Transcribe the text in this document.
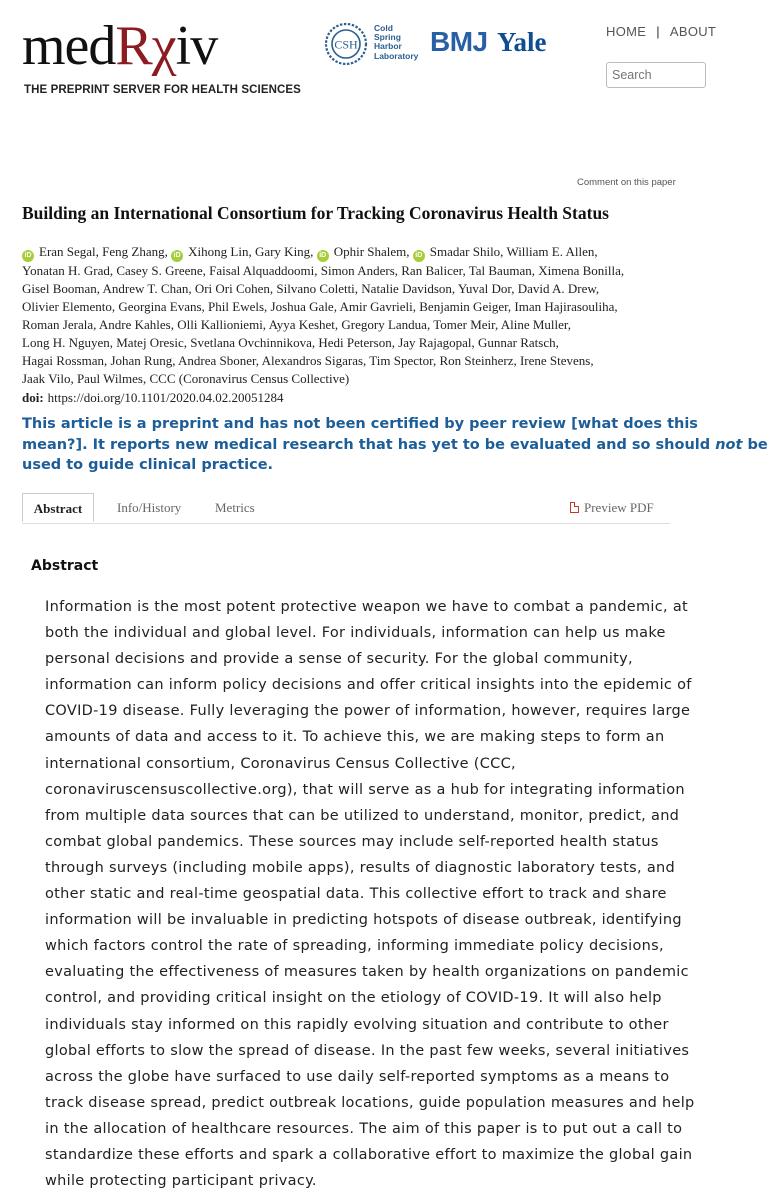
medRχiv
THE PREPRINT SERVER FOR HEALTH SCIENCES
CSH
Cold
Spring
Harbor
Laboratory BMJ Yale	HOME | ABOUT
Search
Comment on this paper
Building an International Consortium for Tracking Coronavirus Health Status
iD Eran Segal, Feng Zhang, iD Xihong Lin, Gary King, iD Ophir Shalem, iD Smadar Shilo, William E. Allen,
Yonatan H. Grad, Casey S. Greene, Faisal Alquaddoomi, Simon Anders, Ran Balicer, Tal Bauman, Ximena Bonilla,
Gisel Booman, Andrew T. Chan, Ori Ori Cohen, Silvano Coletti, Natalie Davidson, Yuval Dor, David A. Drew,
Olivier Elemento, Georgina Evans, Phil Ewels, Joshua Gale, Amir Gavrieli, Benjamin Geiger, Iman Hajirasouliha,
Roman Jerala, Andre Kahles, Olli Kallioniemi, Ayya Keshet, Gregory Landua, Tomer Meir, Aline Muller,
Long H. Nguyen, Matej Oresic, Svetlana Ovchinnikova, Hedi Peterson, Jay Rajagopal, Gunnar Ratsch,
Hagai Rossman, Johan Rung, Andrea Sboner, Alexandros Sigaras, Tim Spector, Ron Steinherz, Irene Stevens,
Jaak Vilo, Paul Wilmes, CCC (Coronavirus Census Collective)
doi: https://doi.org/10.1101/2020.04.02.20051284
This article is a preprint and has not been certified by peer review [what does this
mean?]. It reports new medical research that has yet to be evaluated and so should not be
used to guide clinical practice.
Abstract	Info/History	Metrics	Preview PDF
Abstract
Information is the most potent protective weapon we have to combat a pandemic, at
both the individual and global level. For individuals, information can help us make
personal decisions and provide a sense of security. For the global community,
information can inform policy decisions and offer critical insights into the epidemic of
COVID-19 disease. Fully leveraging the power of information, however, requires large
amounts of data and access to it. To achieve this, we are making steps to form an
international consortium, Coronavirus Census Collective (CCC,
coronaviruscensuscollective.org), that will serve as a hub for integrating information
from multiple data sources that can be utilized to understand, monitor, predict, and
combat global pandemics. These sources may include self-reported health status
through surveys (including mobile apps), results of diagnostic laboratory tests, and
other static and real-time geospatial data. This collective effort to track and share
information will be invaluable in predicting hotspots of disease outbreak, identifying
which factors control the rate of spreading, informing immediate policy decisions,
evaluating the effectiveness of measures taken by health organizations on pandemic
control, and providing critical insight on the etiology of COVID-19. It will also help
individuals stay informed on this rapidly evolving situation and contribute to other
global efforts to slow the spread of disease. In the past few weeks, several initiatives
across the globe have surfaced to use daily self-reported symptoms as a means to
track disease spread, predict outbreak locations, guide population measures and help
in the allocation of healthcare resources. The aim of this paper is to put out a call to
standardize these efforts and spark a collaborative effort to maximize the global gain
while protecting participant privacy.
